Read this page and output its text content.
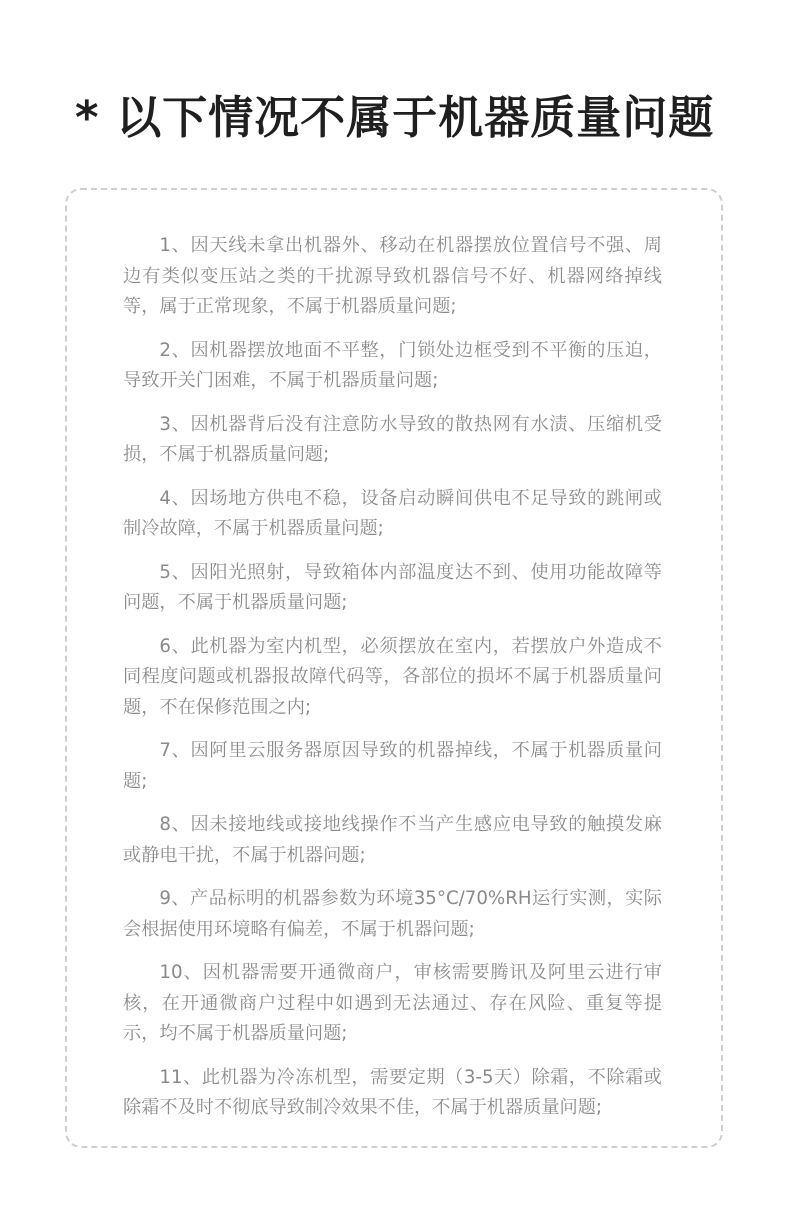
* 以下情况不属于机器质量问题
1、因天线未拿出机器外、移动在机器摆放位置信号不强、周边有类似变压站之类的干扰源导致机器信号不好、机器网络掉线等，属于正常现象，不属于机器质量问题;
2、因机器摆放地面不平整，门锁处边框受到不平衡的压迫，导致开关门困难，不属于机器质量问题;
3、因机器背后没有注意防水导致的散热网有水渍、压缩机受损，不属于机器质量问题;
4、因场地方供电不稳，设备启动瞬间供电不足导致的跳闸或制冷故障，不属于机器质量问题;
5、因阳光照射，导致箱体内部温度达不到、使用功能故障等问题，不属于机器质量问题;
6、此机器为室内机型，必须摆放在室内，若摆放户外造成不同程度问题或机器报故障代码等，各部位的损坏不属于机器质量问题，不在保修范围之内;
7、因阿里云服务器原因导致的机器掉线，不属于机器质量问题;
8、因未接地线或接地线操作不当产生感应电导致的触摸发麻或静电干扰，不属于机器问题;
9、产品标明的机器参数为环境35°C/70%RH运行实测，实际会根据使用环境略有偏差，不属于机器问题;
10、因机器需要开通微商户，审核需要腾讯及阿里云进行审核，在开通微商户过程中如遇到无法通过、存在风险、重复等提示，均不属于机器质量问题;
11、此机器为冷冻机型，需要定期（3-5天）除霜，不除霜或除霜不及时不彻底导致制冷效果不佳，不属于机器质量问题;
